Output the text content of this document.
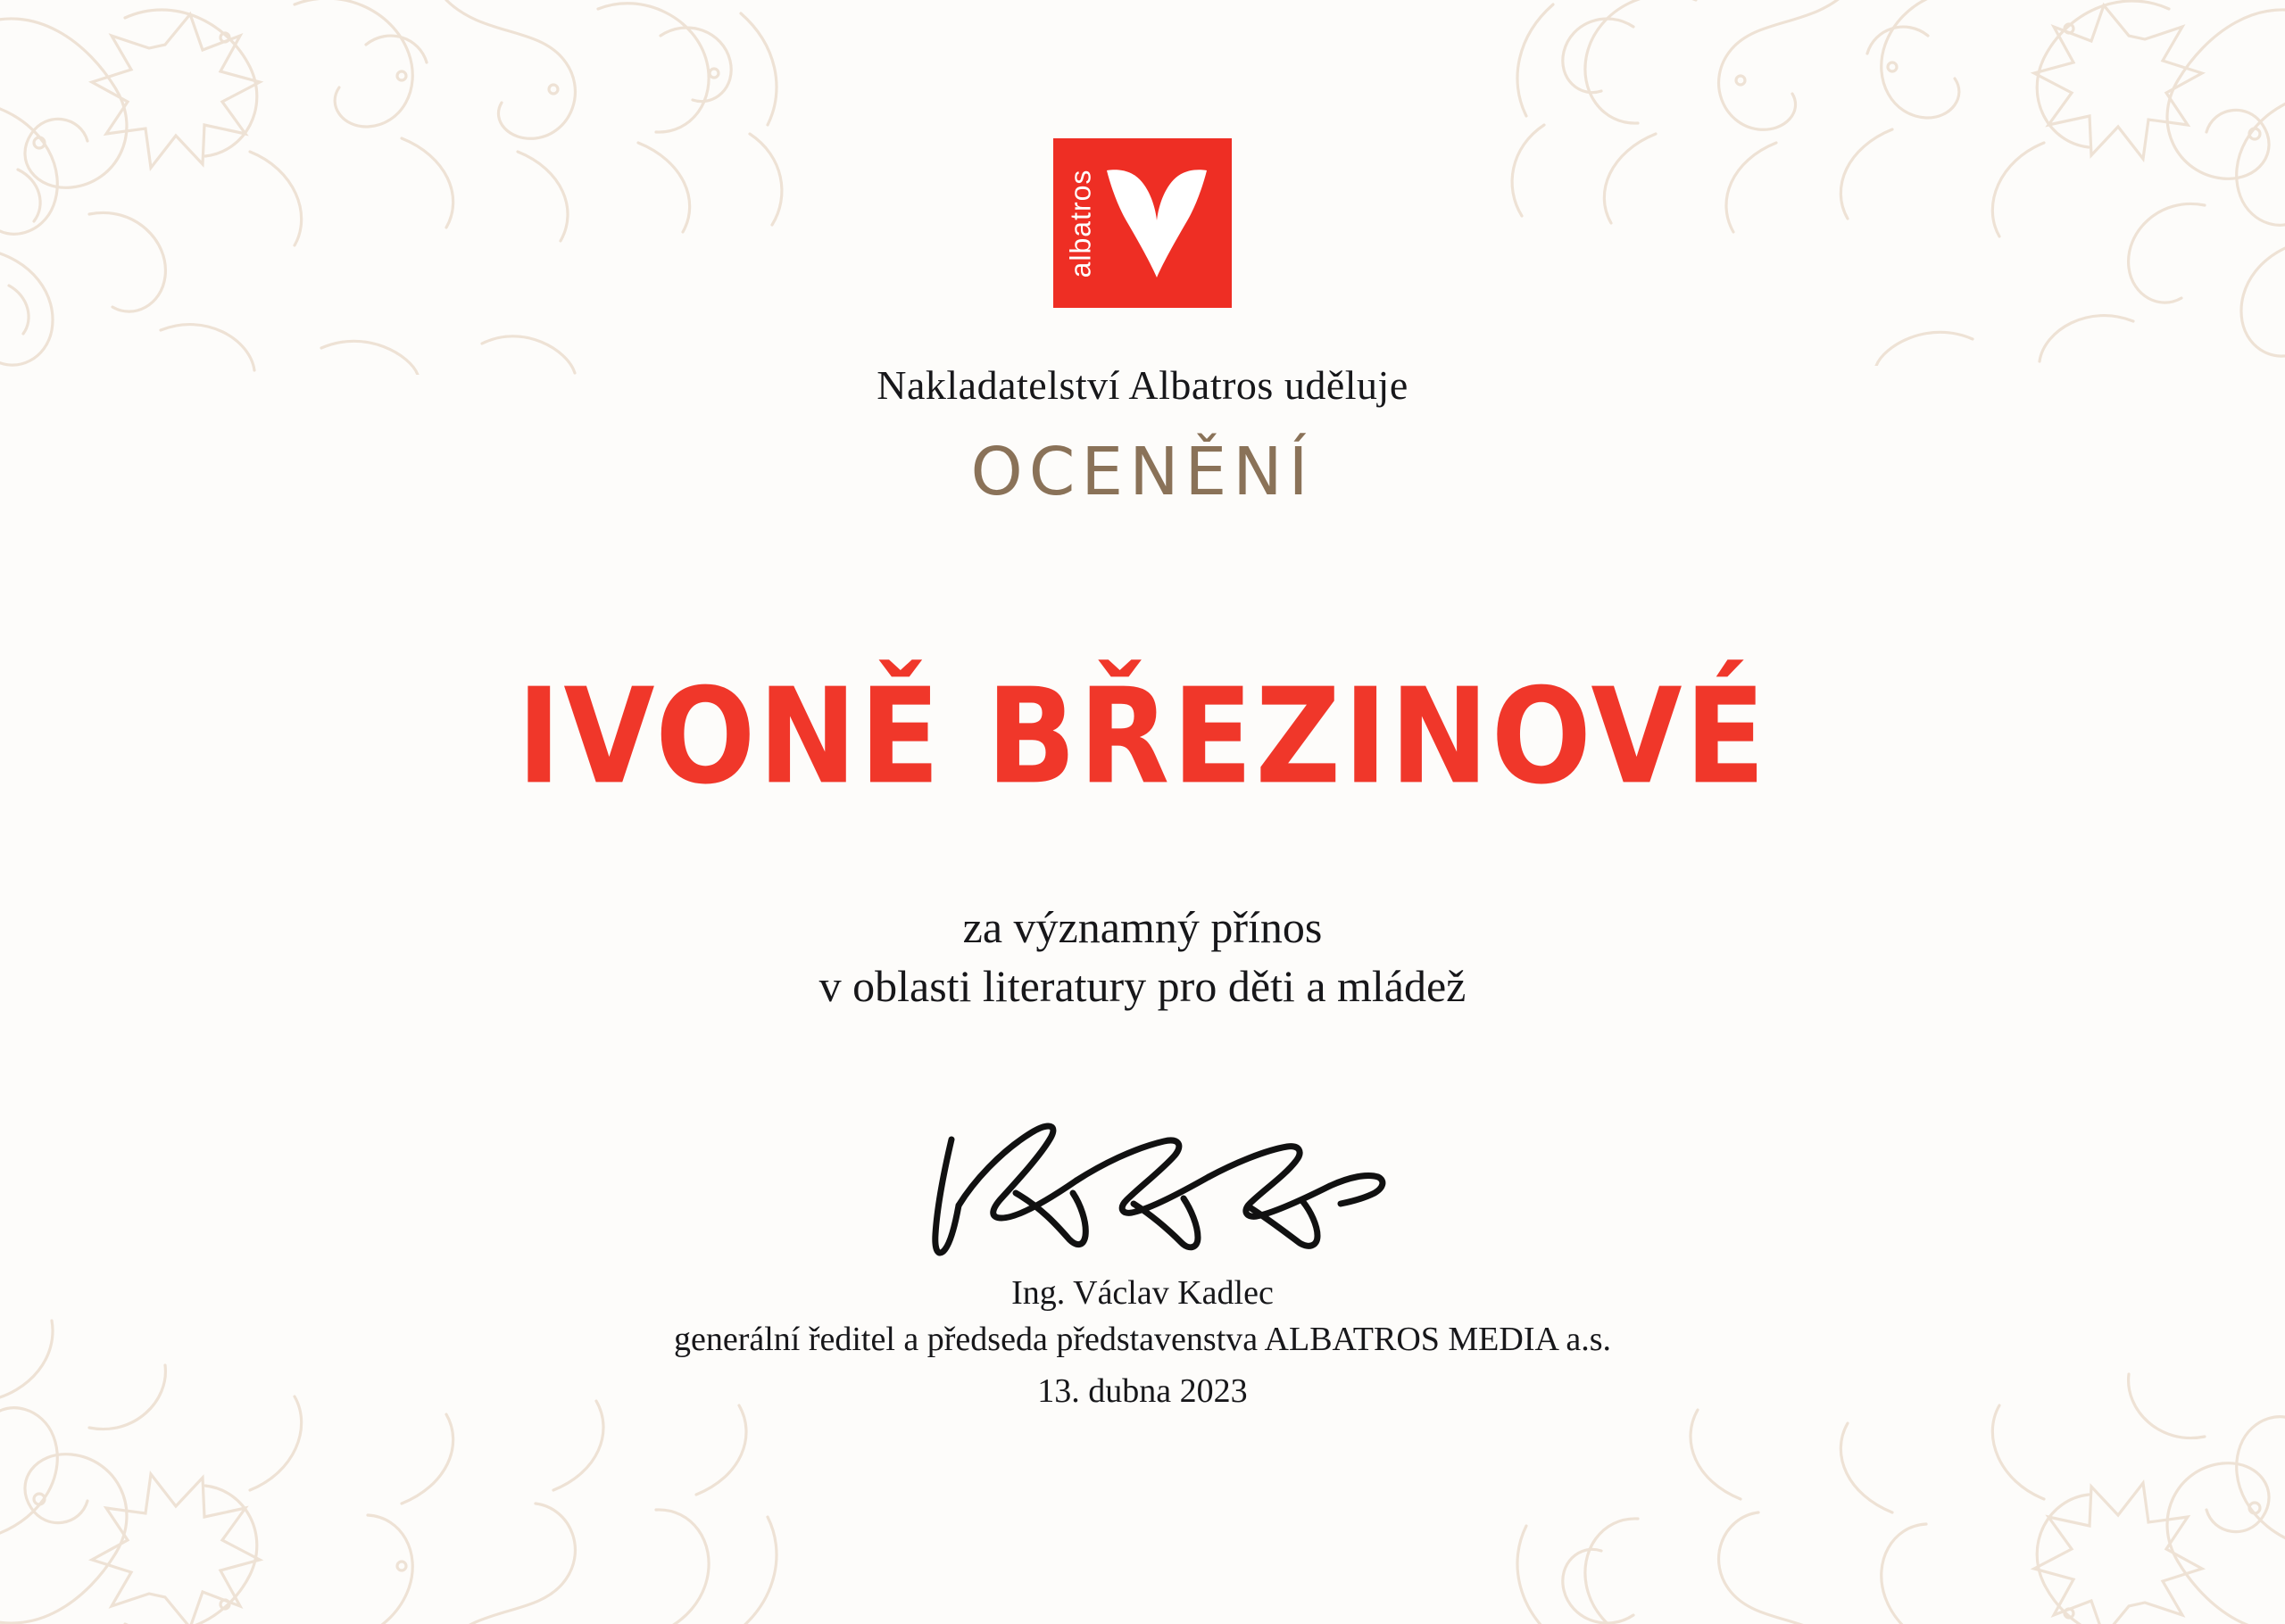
albatros
Nakladatelství Albatros uděluje
OCENĚNÍ
IVONĚ BŘEZINOVÉ
za významný přínos
v oblasti literatury pro děti a mládež
Ing. Václav Kadlec
generální ředitel a předseda představenstva ALBATROS MEDIA a.s.
13. dubna 2023
